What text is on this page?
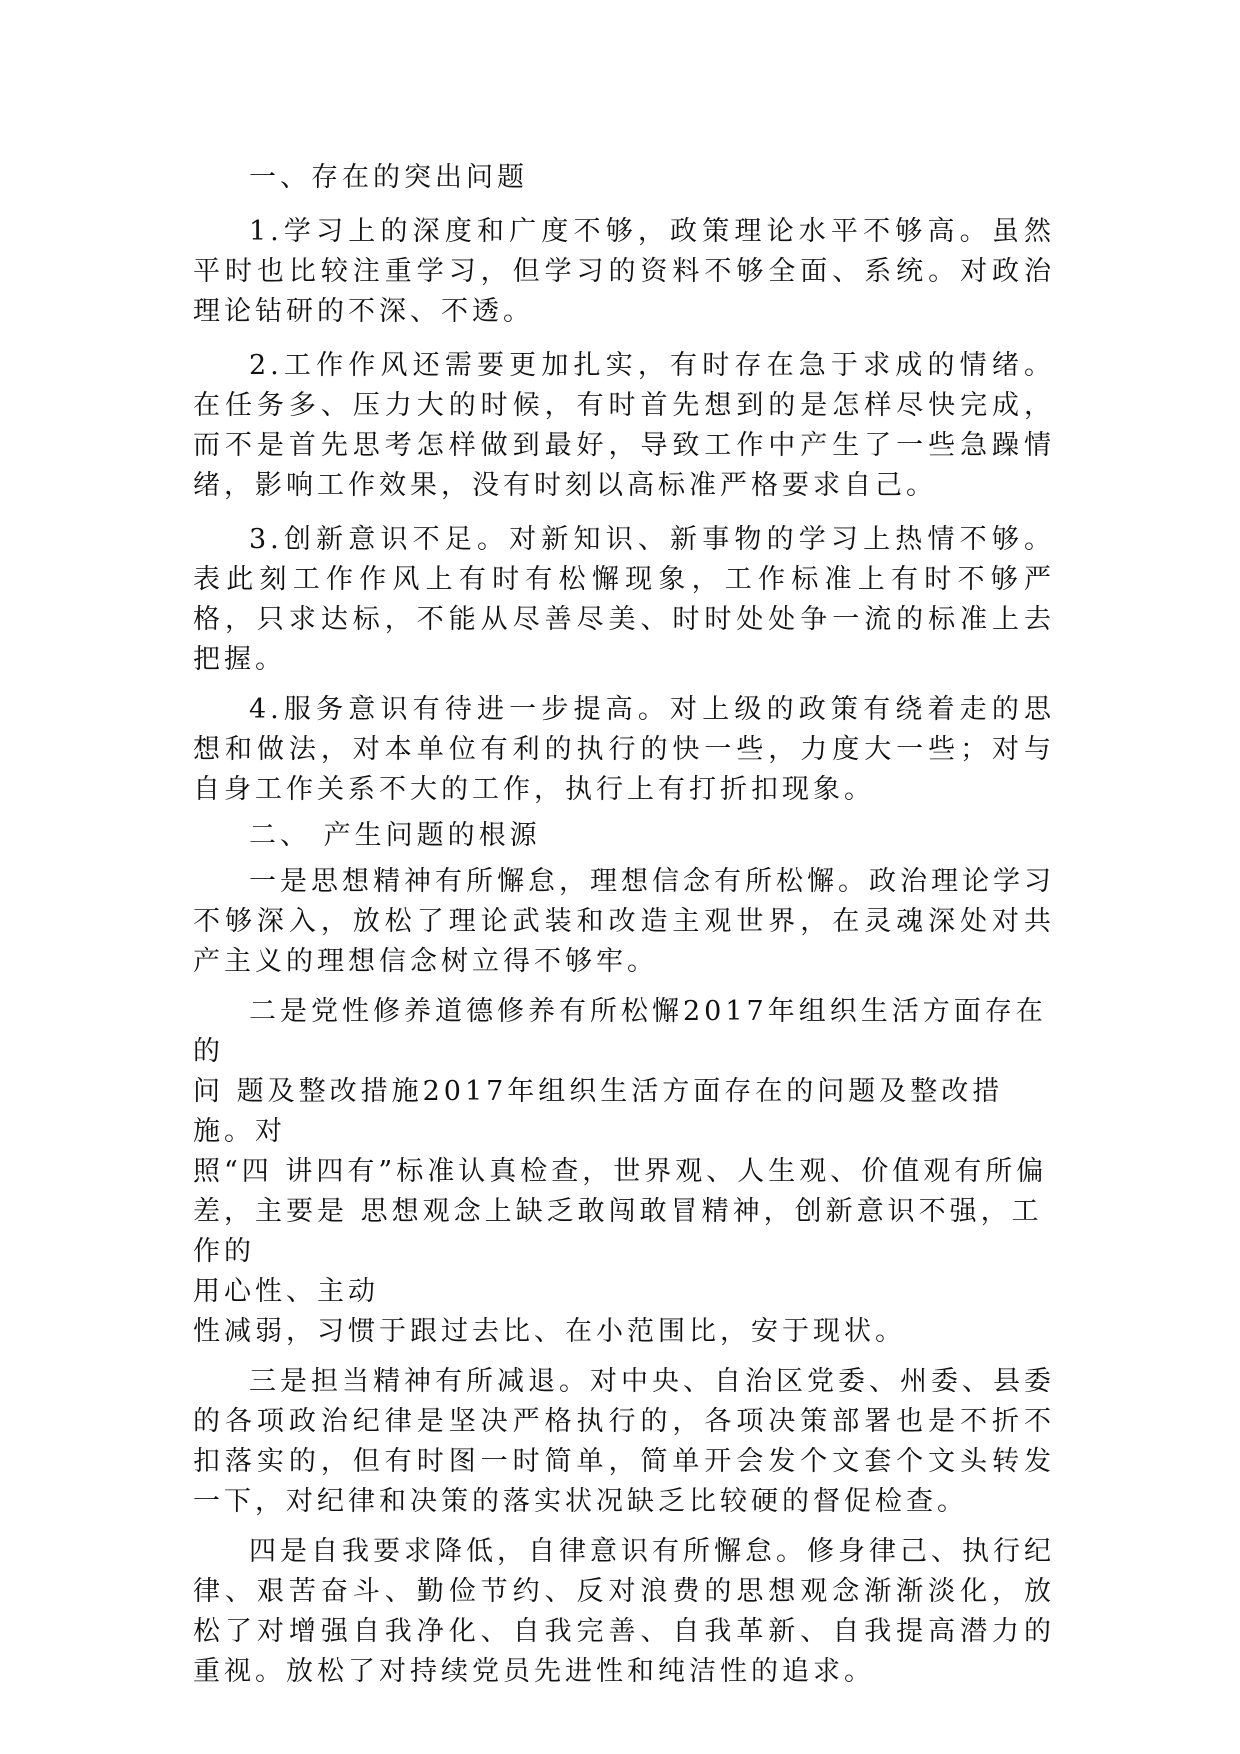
一、存在的突出问题

1.学习上的深度和广度不够，政策理论水平不够高。虽然平时也比较注重学习，但学习的资料不够全面、系统。对政治理论钻研的不深、不透。

2.工作作风还需要更加扎实，有时存在急于求成的情绪。在任务多、压力大的时候，有时首先想到的是怎样尽快完成，而不是首先思考怎样做到最好，导致工作中产生了一些急躁情绪，影响工作效果，没有时刻以高标准严格要求自己。

3.创新意识不足。对新知识、新事物的学习上热情不够。表此刻工作作风上有时有松懈现象，工作标准上有时不够严格，只求达标，不能从尽善尽美、时时处处争一流的标准上去把握。

4.服务意识有待进一步提高。对上级的政策有绕着走的思想和做法，对本单位有利的执行的快一些，力度大一些；对与自身工作关系不大的工作，执行上有打折扣现象。

二、 产生问题的根源

一是思想精神有所懈怠，理想信念有所松懈。政治理论学习不够深入，放松了理论武装和改造主观世界，在灵魂深处对共产主义的理想信念树立得不够牢。

二是党性修养道德修养有所松懈2017年组织生活方面存在的
问 题及整改措施2017年组织生活方面存在的问题及整改措施。对
照“四 讲四有”标准认真检查，世界观、人生观、价值观有所偏
差，主要是 思想观念上缺乏敢闯敢冒精神，创新意识不强，工作的
用心性、主动

性减弱，习惯于跟过去比、在小范围比，安于现状。

三是担当精神有所减退。对中央、自治区党委、州委、县委的各项政治纪律是坚决严格执行的，各项决策部署也是不折不扣落实的，但有时图一时简单，简单开会发个文套个文头转发一下，对纪律和决策的落实状况缺乏比较硬的督促检查。

四是自我要求降低，自律意识有所懈怠。修身律己、执行纪律、艰苦奋斗、勤俭节约、反对浪费的思想观念渐渐淡化，放松了对增强自我净化、自我完善、自我革新、自我提高潜力的重视。放松了对持续党员先进性和纯洁性的追求。
